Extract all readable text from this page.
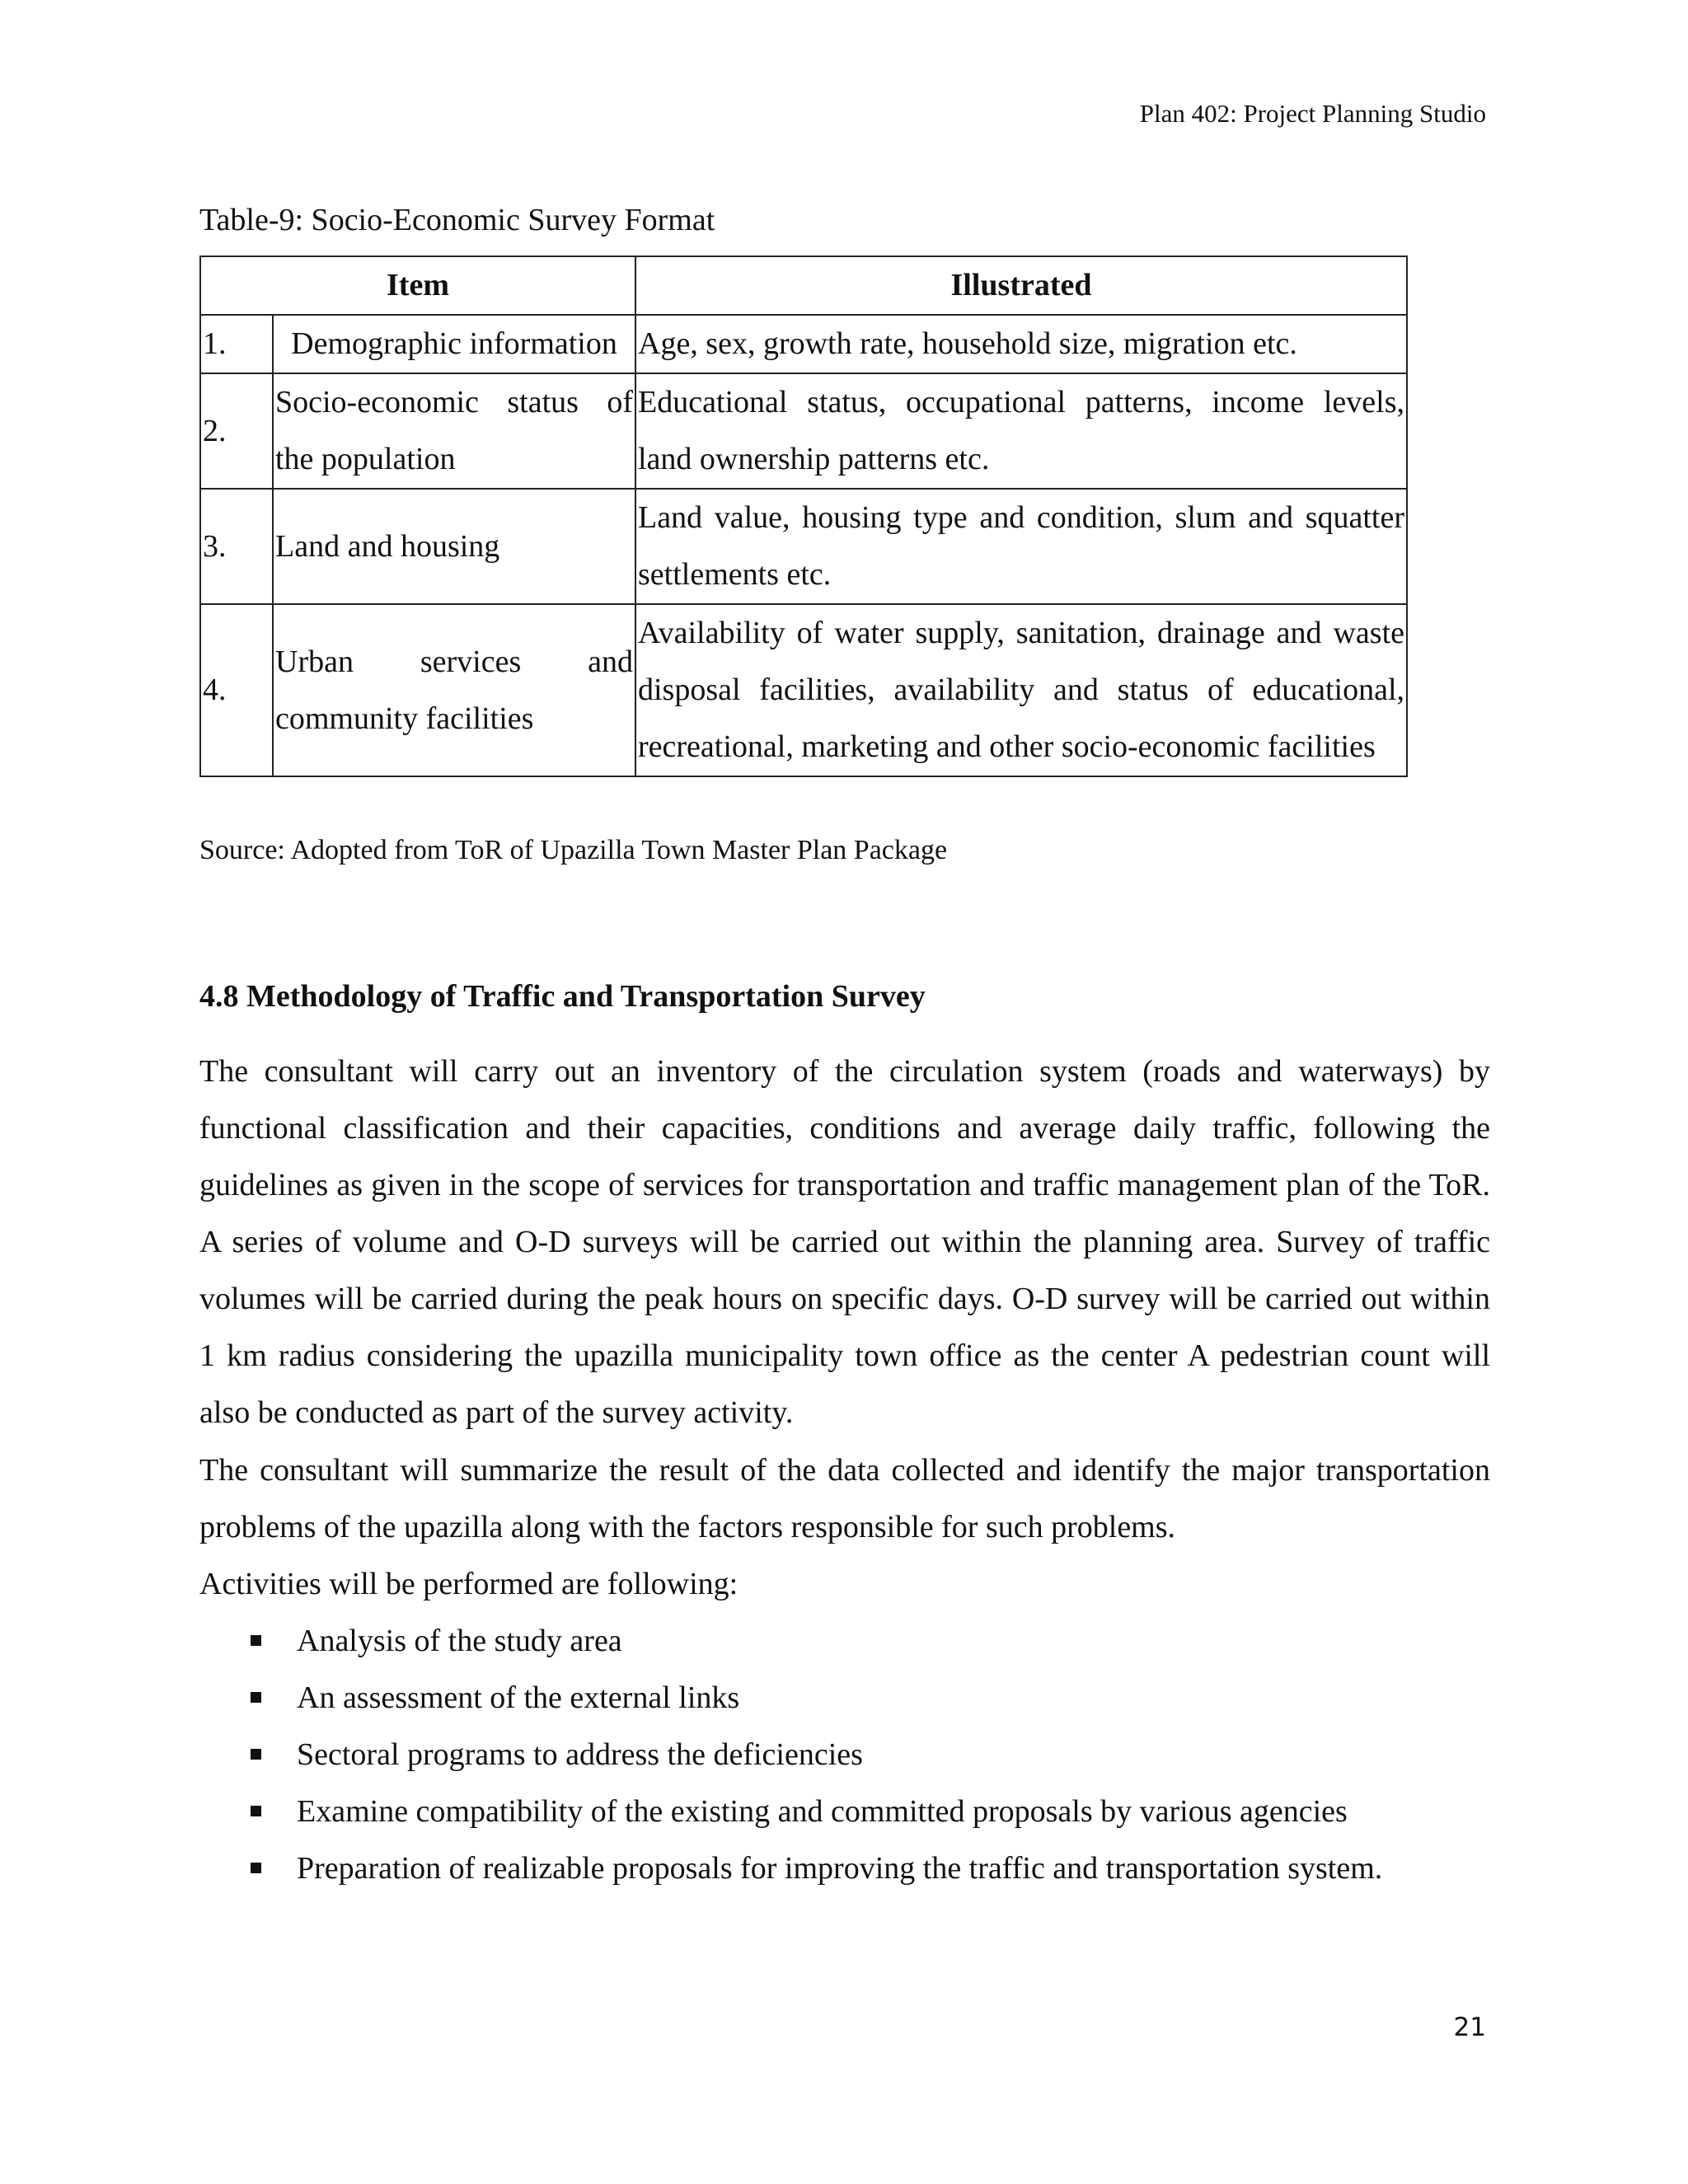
Plan 402: Project Planning Studio
Table-9: Socio-Economic Survey Format
Item		Illustrated
1.	Demographic information	Age, sex, growth rate, household size, migration etc.
2.	Socio-economic status of the population	Educational status, occupational patterns, income levels, land ownership patterns etc.
3.	Land and housing	Land value, housing type and condition, slum and squatter settlements etc.
4.	Urban services and community facilities	Availability of water supply, sanitation, drainage and waste disposal facilities, availability and status of educational, recreational, marketing and other socio-economic facilities
Source: Adopted from ToR of Upazilla Town Master Plan Package
4.8 Methodology of Traffic and Transportation Survey

The consultant will carry out an inventory of the circulation system (roads and waterways) by functional classification and their capacities, conditions and average daily traffic, following the guidelines as given in the scope of services for transportation and traffic management plan of the ToR. A series of volume and O-D surveys will be carried out within the planning area. Survey of traffic volumes will be carried during the peak hours on specific days. O-D survey will be carried out within 1 km radius considering the upazilla municipality town office as the center A pedestrian count will also be conducted as part of the survey activity.

The consultant will summarize the result of the data collected and identify the major transportation problems of the upazilla along with the factors responsible for such problems.

Activities will be performed are following:

Analysis of the study area
An assessment of the external links
Sectoral programs to address the deficiencies
Examine compatibility of the existing and committed proposals by various agencies
Preparation of realizable proposals for improving the traffic and transportation system.
21
